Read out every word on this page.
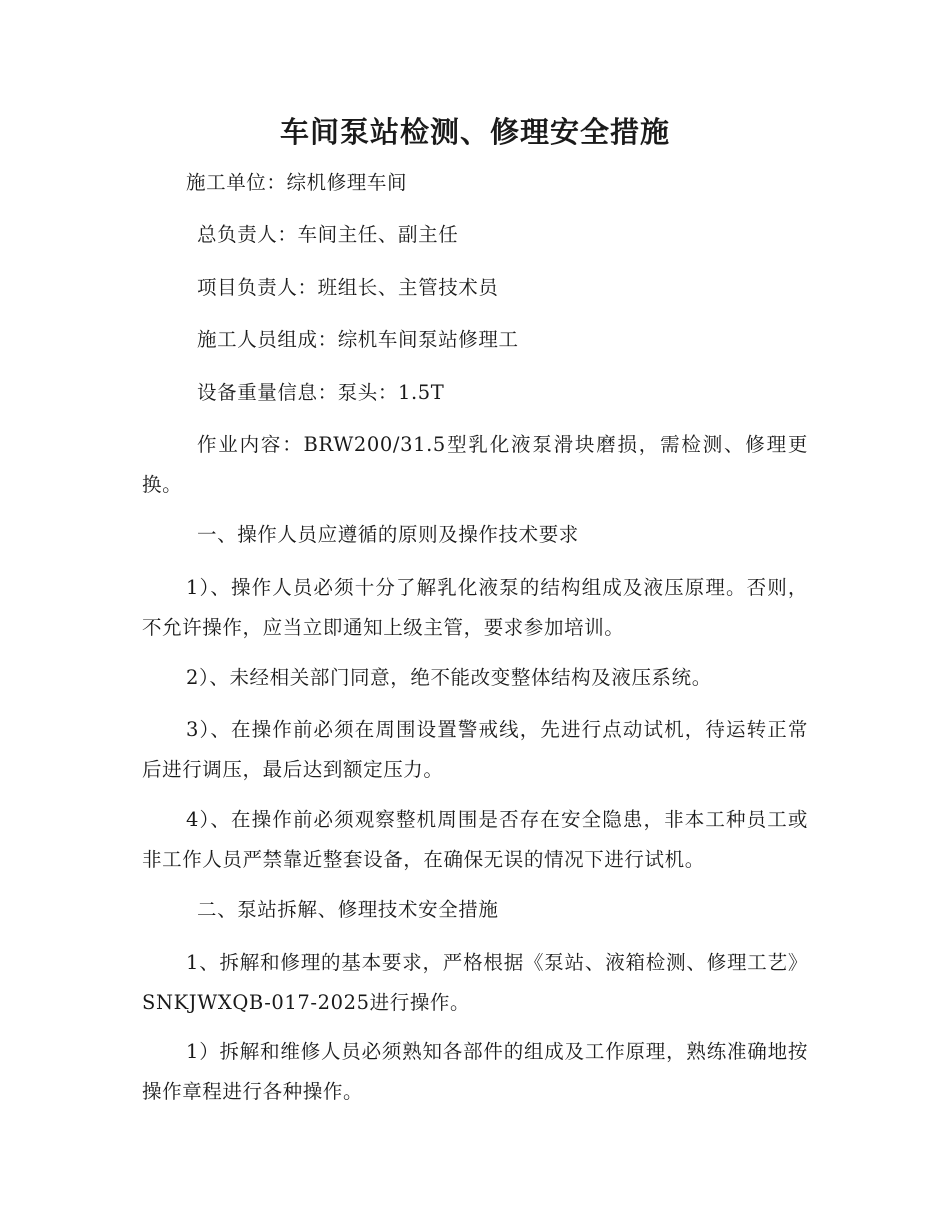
车间泵站检测、修理安全措施
施工单位：综机修理车间
总负责人：车间主任、副主任
项目负责人：班组长、主管技术员
施工人员组成：综机车间泵站修理工
设备重量信息：泵头：1.5T
作业内容：BRW200/31.5型乳化液泵滑块磨损，需检测、修理更换。
一、操作人员应遵循的原则及操作技术要求
1）、操作人员必须十分了解乳化液泵的结构组成及液压原理。否则，不允许操作，应当立即通知上级主管，要求参加培训。
2）、未经相关部门同意，绝不能改变整体结构及液压系统。
3）、在操作前必须在周围设置警戒线，先进行点动试机，待运转正常后进行调压，最后达到额定压力。
4）、在操作前必须观察整机周围是否存在安全隐患，非本工种员工或非工作人员严禁靠近整套设备，在确保无误的情况下进行试机。
二、泵站拆解、修理技术安全措施
1、拆解和修理的基本要求，严格根据《泵站、液箱检测、修理工艺》SNKJWXQB-017-2025进行操作。
1）拆解和维修人员必须熟知各部件的组成及工作原理，熟练准确地按操作章程进行各种操作。
